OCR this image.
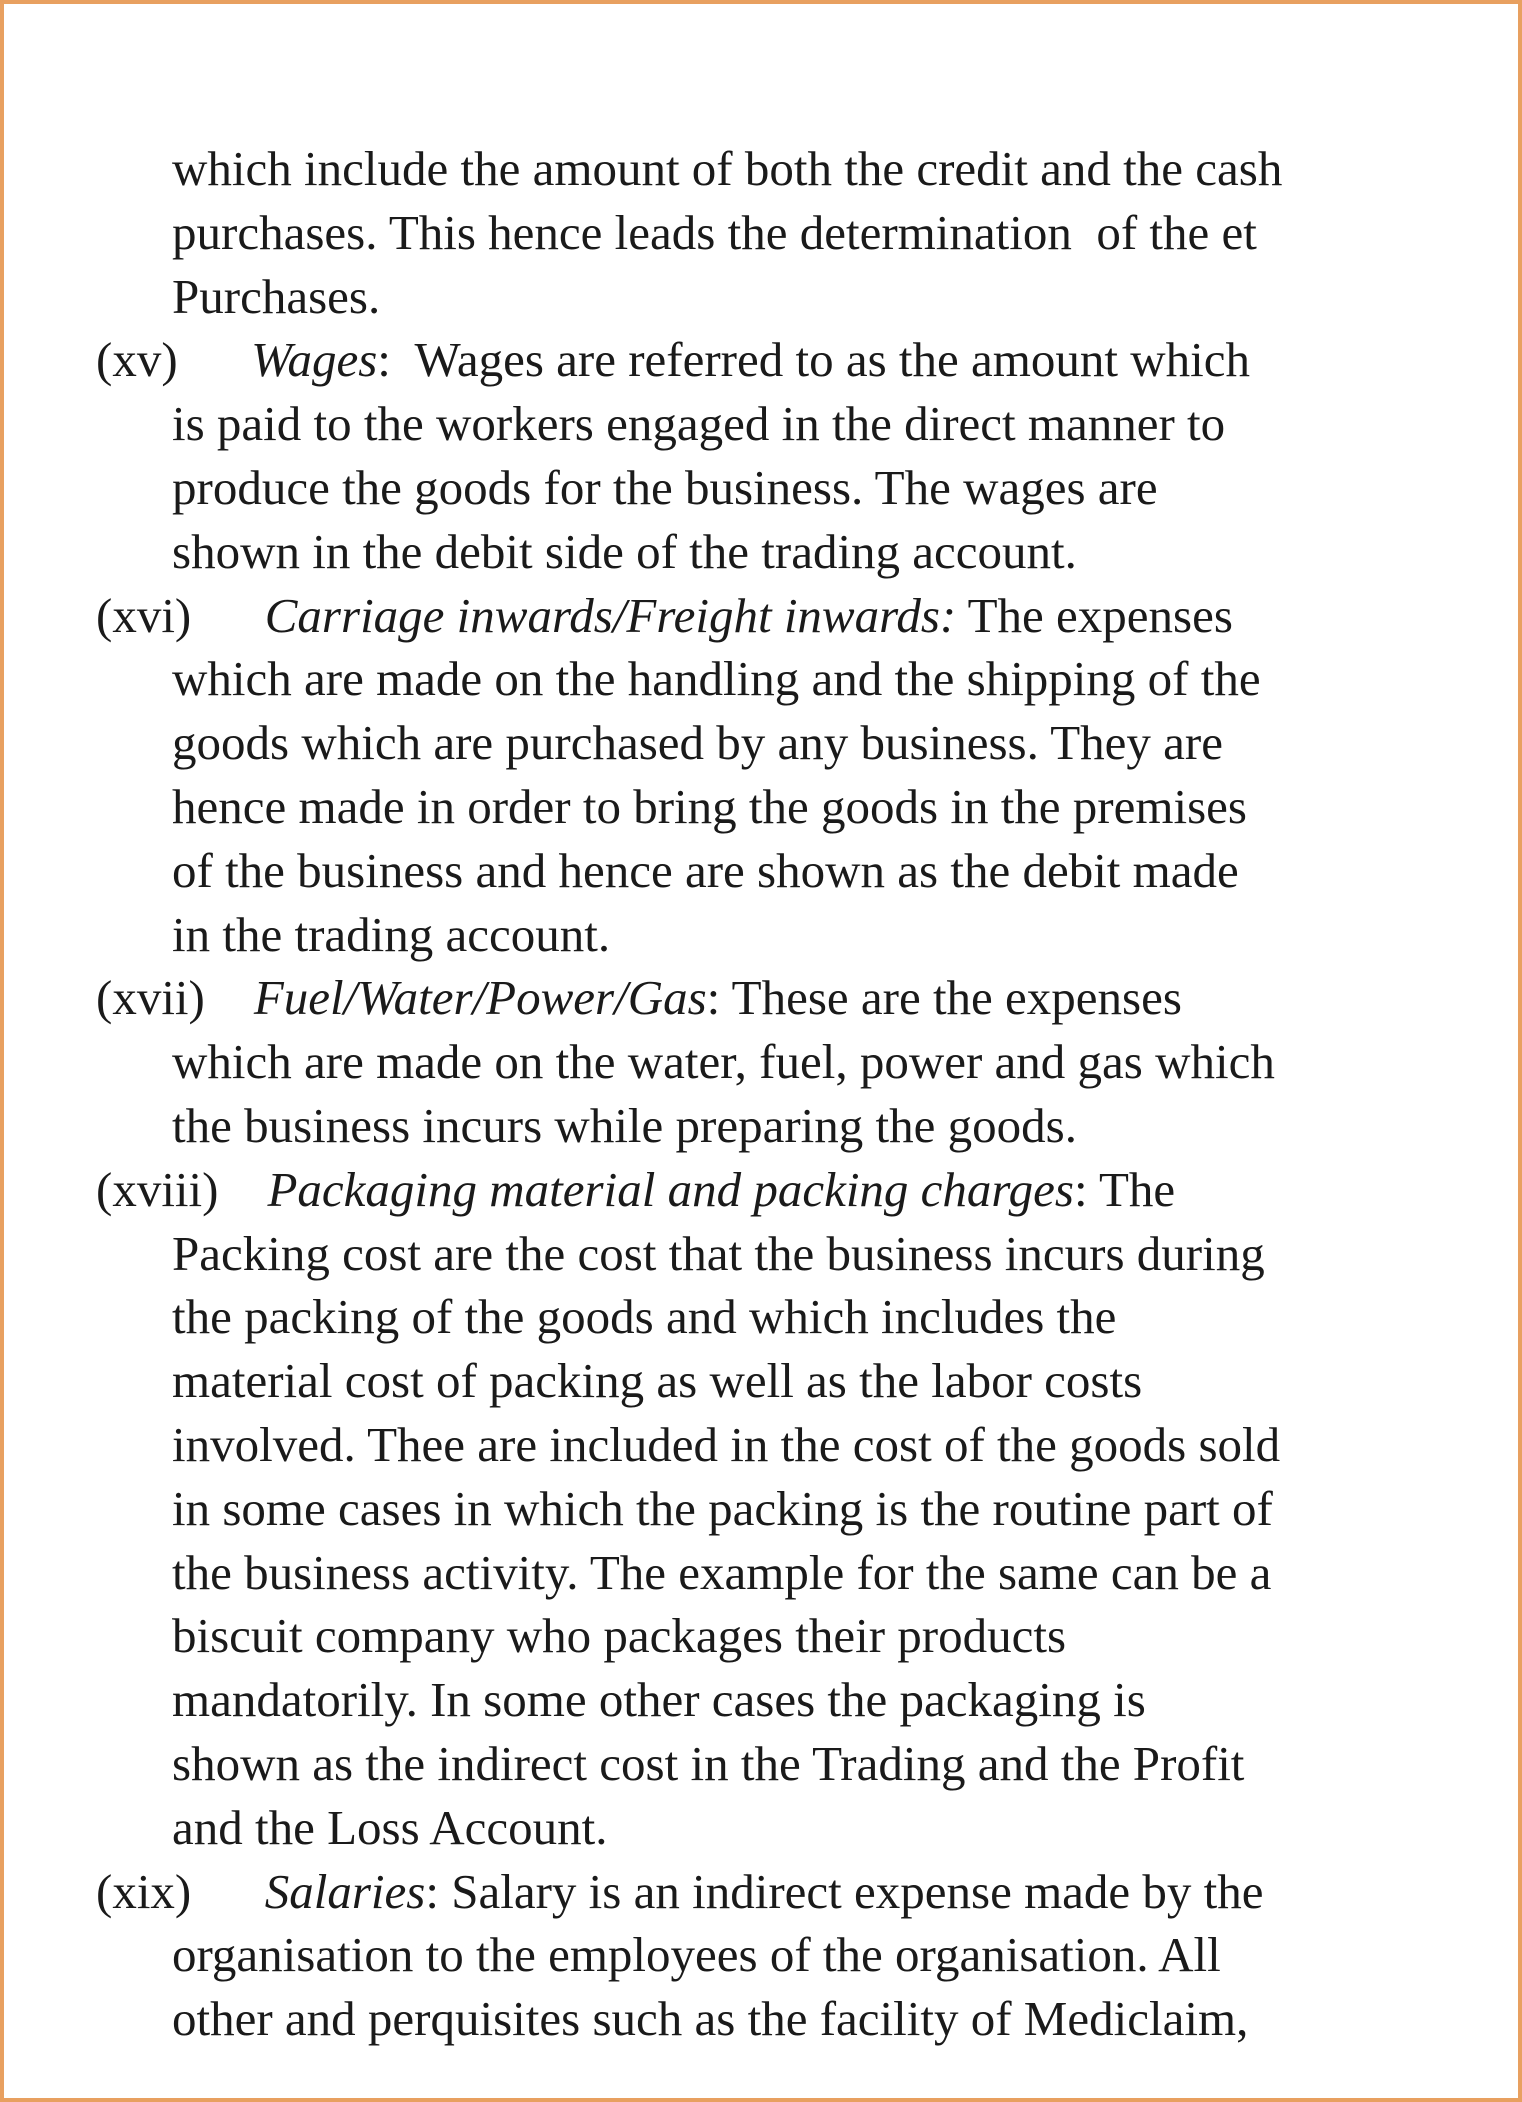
which include the amount of both the credit and the cash
purchases. This hence leads the determination  of the et
Purchases.
(xv) Wages:  Wages are referred to as the amount which
is paid to the workers engaged in the direct manner to
produce the goods for the business. The wages are
shown in the debit side of the trading account.
(xvi) Carriage inwards/Freight inwards: The expenses
which are made on the handling and the shipping of the
goods which are purchased by any business. They are
hence made in order to bring the goods in the premises
of the business and hence are shown as the debit made
in the trading account.
(xvii) Fuel/Water/Power/Gas: These are the expenses
which are made on the water, fuel, power and gas which
the business incurs while preparing the goods.
(xviii) Packaging material and packing charges: The
Packing cost are the cost that the business incurs during
the packing of the goods and which includes the
material cost of packing as well as the labor costs
involved. Thee are included in the cost of the goods sold
in some cases in which the packing is the routine part of
the business activity. The example for the same can be a
biscuit company who packages their products
mandatorily. In some other cases the packaging is
shown as the indirect cost in the Trading and the Profit
and the Loss Account.
(xix) Salaries: Salary is an indirect expense made by the
organisation to the employees of the organisation. All
other and perquisites such as the facility of Mediclaim,
